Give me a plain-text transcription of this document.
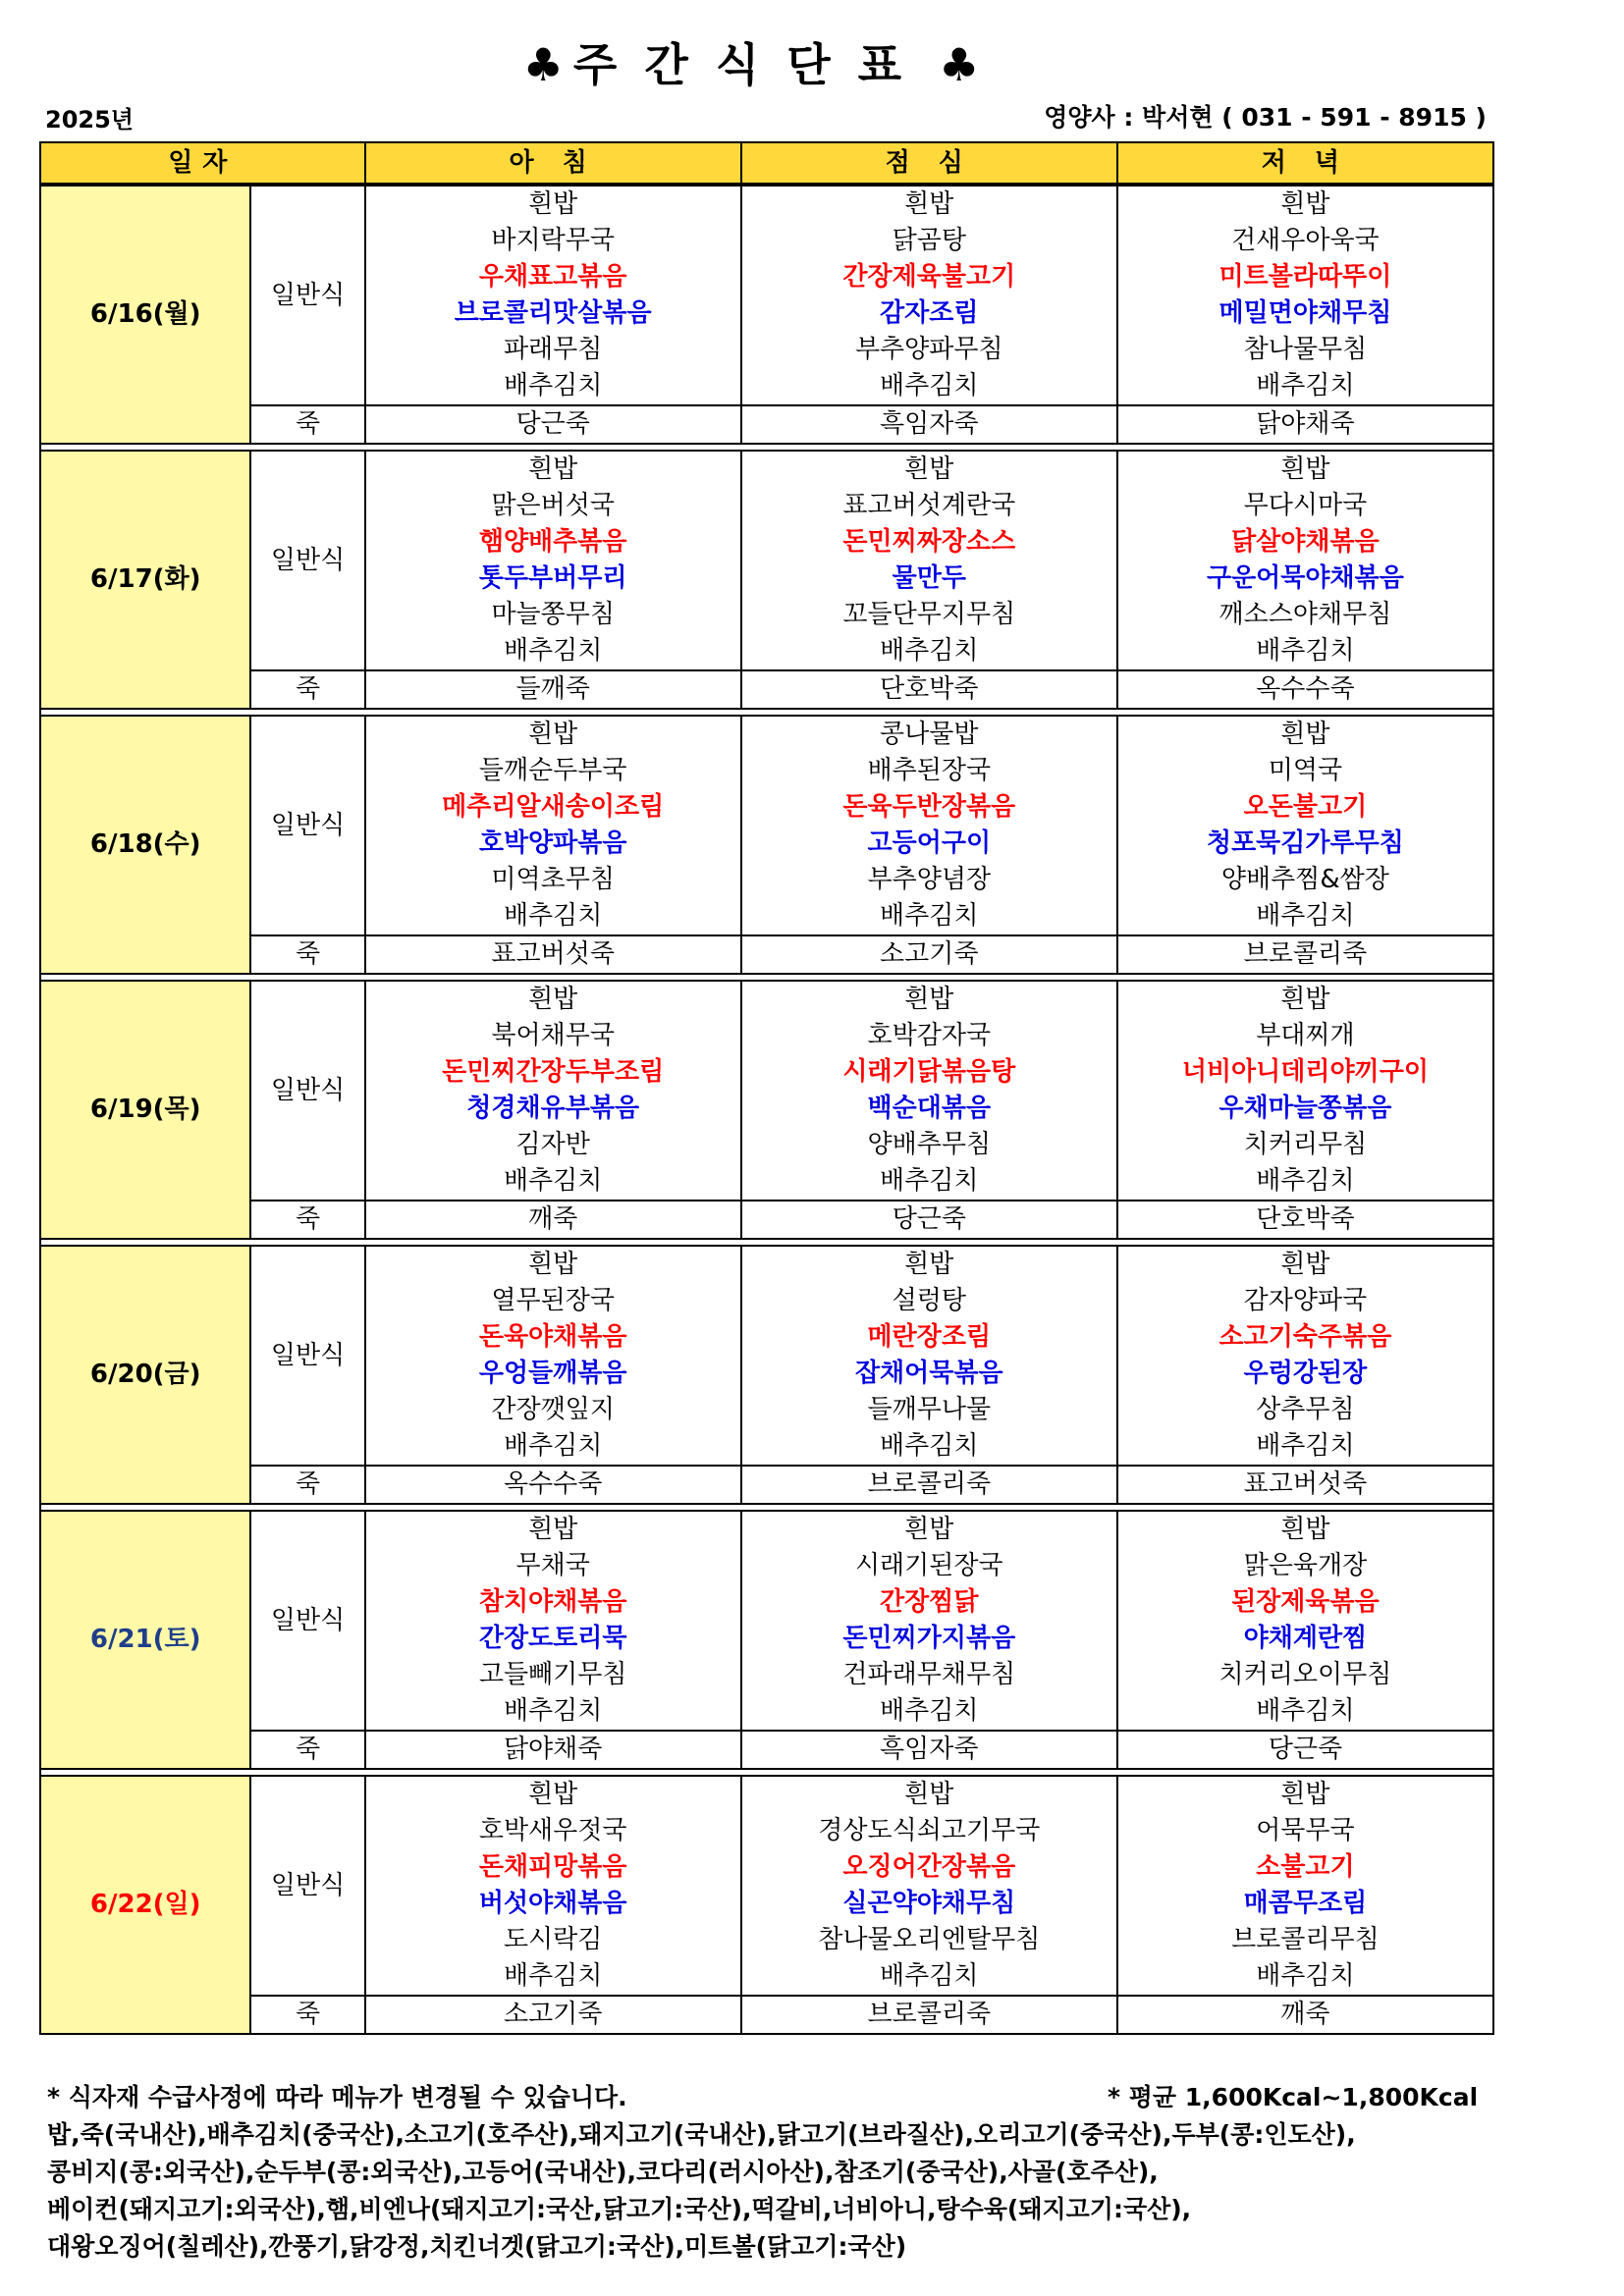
♣ 주간식단표 ♣
2025년	영양사 : 박서현 ( 031 - 591 - 8915 )
일자		아 침	점 심	저 녁
6/16(월)	일반식	흰밥	흰밥	흰밥
		바지락무국	닭곰탕	건새우아욱국
		우채표고볶음	간장제육불고기	미트볼라따뚜이
		브로콜리맛살볶음	감자조림	메밀면야채무침
		파래무침	부추양파무침	참나물무침
		배추김치	배추김치	배추김치
	죽	당근죽	흑임자죽	닭야채죽

6/17(화)	일반식	흰밥	흰밥	흰밥
		맑은버섯국	표고버섯계란국	무다시마국
		햄양배추볶음	돈민찌짜장소스	닭살야채볶음
		톳두부버무리	물만두	구운어묵야채볶음
		마늘쫑무침	꼬들단무지무침	깨소스야채무침
		배추김치	배추김치	배추김치
	죽	들깨죽	단호박죽	옥수수죽

6/18(수)	일반식	흰밥	콩나물밥	흰밥
		들깨순두부국	배추된장국	미역국
		메추리알새송이조림	돈육두반장볶음	오돈불고기
		호박양파볶음	고등어구이	청포묵김가루무침
		미역초무침	부추양념장	양배추찜&쌈장
		배추김치	배추김치	배추김치
	죽	표고버섯죽	소고기죽	브로콜리죽

6/19(목)	일반식	흰밥	흰밥	흰밥
		북어채무국	호박감자국	부대찌개
		돈민찌간장두부조림	시래기닭볶음탕	너비아니데리야끼구이
		청경채유부볶음	백순대볶음	우채마늘쫑볶음
		김자반	양배추무침	치커리무침
		배추김치	배추김치	배추김치
	죽	깨죽	당근죽	단호박죽

6/20(금)	일반식	흰밥	흰밥	흰밥
		열무된장국	설렁탕	감자양파국
		돈육야채볶음	메란장조림	소고기숙주볶음
		우엉들깨볶음	잡채어묵볶음	우렁강된장
		간장깻잎지	들깨무나물	상추무침
		배추김치	배추김치	배추김치
	죽	옥수수죽	브로콜리죽	표고버섯죽

6/21(토)	일반식	흰밥	흰밥	흰밥
		무채국	시래기된장국	맑은육개장
		참치야채볶음	간장찜닭	된장제육볶음
		간장도토리묵	돈민찌가지볶음	야채계란찜
		고들빼기무침	건파래무채무침	치커리오이무침
		배추김치	배추김치	배추김치
	죽	닭야채죽	흑임자죽	당근죽

6/22(일)	일반식	흰밥	흰밥	흰밥
		호박새우젓국	경상도식쇠고기무국	어묵무국
		돈채피망볶음	오징어간장볶음	소불고기
		버섯야채볶음	실곤약야채무침	매콤무조림
		도시락김	참나물오리엔탈무침	브로콜리무침
		배추김치	배추김치	배추김치
	죽	소고기죽	브로콜리죽	깨죽
* 식자재 수급사정에 따라 메뉴가 변경될 수 있습니다.	* 평균 1,600Kcal~1,800Kcal
밥,죽(국내산),배추김치(중국산),소고기(호주산),돼지고기(국내산),닭고기(브라질산),오리고기(중국산),두부(콩:인도산),
콩비지(콩:외국산),순두부(콩:외국산),고등어(국내산),코다리(러시아산),참조기(중국산),사골(호주산),
베이컨(돼지고기:외국산),햄,비엔나(돼지고기:국산,닭고기:국산),떡갈비,너비아니,탕수육(돼지고기:국산),
대왕오징어(칠레산),깐풍기,닭강정,치킨너겟(닭고기:국산),미트볼(닭고기:국산)
